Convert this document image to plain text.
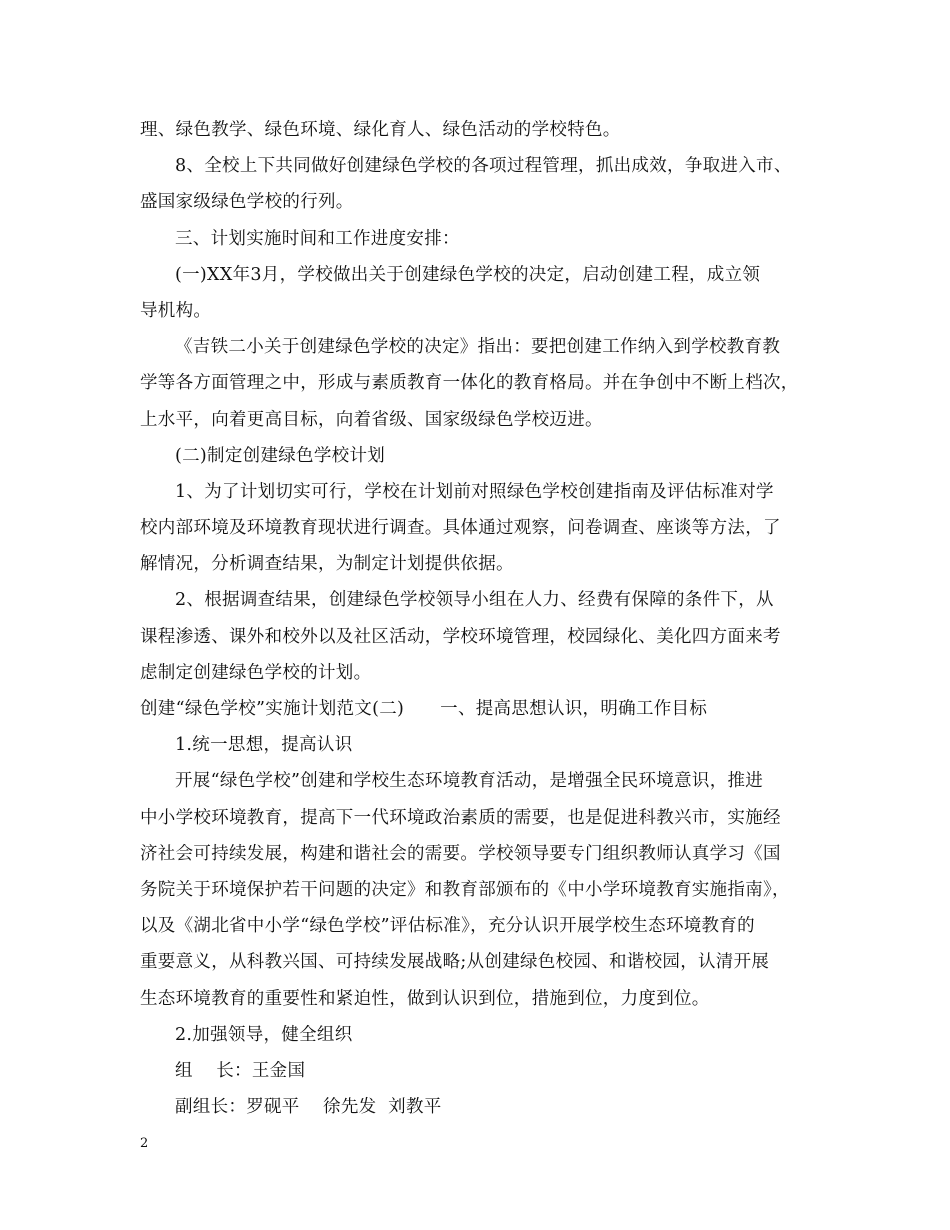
理、绿色教学、绿色环境、绿化育人、绿色活动的学校特色。
8、全校上下共同做好创建绿色学校的各项过程管理，抓出成效，争取进入市、
盛国家级绿色学校的行列。
三、计划实施时间和工作进度安排：
(一)XX年3月，学校做出关于创建绿色学校的决定，启动创建工程，成立领
导机构。
《吉铁二小关于创建绿色学校的决定》指出：要把创建工作纳入到学校教育教
学等各方面管理之中，形成与素质教育一体化的教育格局。并在争创中不断上档次，
上水平，向着更高目标，向着省级、国家级绿色学校迈进。
(二)制定创建绿色学校计划
1、为了计划切实可行，学校在计划前对照绿色学校创建指南及评估标准对学
校内部环境及环境教育现状进行调查。具体通过观察，问卷调查、座谈等方法，了
解情况，分析调查结果，为制定计划提供依据。
2、根据调查结果，创建绿色学校领导小组在人力、经费有保障的条件下，从
课程渗透、课外和校外以及社区活动，学校环境管理，校园绿化、美化四方面来考
虑制定创建绿色学校的计划。
创建“绿色学校”实施计划范文(二) 一、提高思想认识，明确工作目标
1.统一思想，提高认识
开展“绿色学校”创建和学校生态环境教育活动，是增强全民环境意识，推进
中小学校环境教育，提高下一代环境政治素质的需要，也是促进科教兴市，实施经
济社会可持续发展，构建和谐社会的需要。学校领导要专门组织教师认真学习《国
务院关于环境保护若干问题的决定》和教育部颁布的《中小学环境教育实施指南》，
以及《湖北省中小学“绿色学校”评估标准》，充分认识开展学校生态环境教育的
重要意义，从科教兴国、可持续发展战略;从创建绿色校园、和谐校园，认清开展
生态环境教育的重要性和紧迫性，做到认识到位，措施到位，力度到位。
2.加强领导，健全组织
组    长：王金国
副组长：罗砚平    徐先发  刘教平
2
